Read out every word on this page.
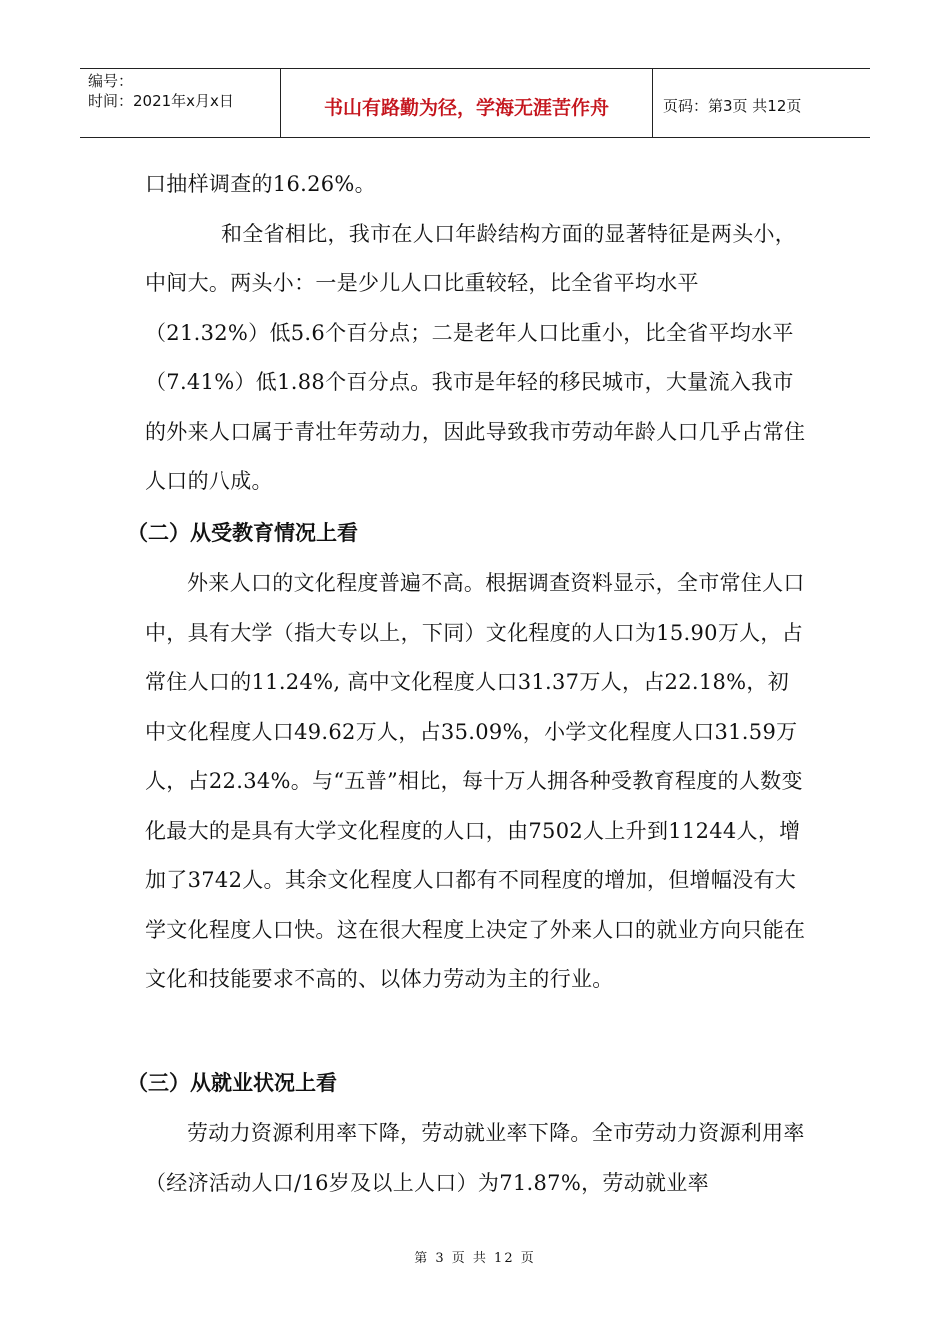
编号：
时间：2021年x月x日	书山有路勤为径，学海无涯苦作舟	页码：第3页 共12页

口抽样调查的16.26%。

和全省相比，我市在人口年龄结构方面的显著特征是两头小，中间大。两头小：一是少儿人口比重较轻，比全省平均水平（21.32%）低5.6个百分点；二是老年人口比重小，比全省平均水平（7.41%）低1.88个百分点。我市是年轻的移民城市，大量流入我市的外来人口属于青壮年劳动力，因此导致我市劳动年龄人口几乎占常住人口的八成。

（二）从受教育情况上看

外来人口的文化程度普遍不高。根据调查资料显示，全市常住人口中，具有大学（指大专以上，下同）文化程度的人口为15.90万人，占常住人口的11.24%, 高中文化程度人口31.37万人，占22.18%，初中文化程度人口49.62万人，占35.09%，小学文化程度人口31.59万人，占22.34%。与“五普”相比，每十万人拥各种受教育程度的人数变化最大的是具有大学文化程度的人口，由7502人上升到11244人，增加了3742人。其余文化程度人口都有不同程度的增加，但增幅没有大学文化程度人口快。这在很大程度上决定了外来人口的就业方向只能在文化和技能要求不高的、以体力劳动为主的行业。

（三）从就业状况上看

劳动力资源利用率下降，劳动就业率下降。全市劳动力资源利用率（经济活动人口/16岁及以上人口）为71.87%，劳动就业率

第 3 页 共 12 页
